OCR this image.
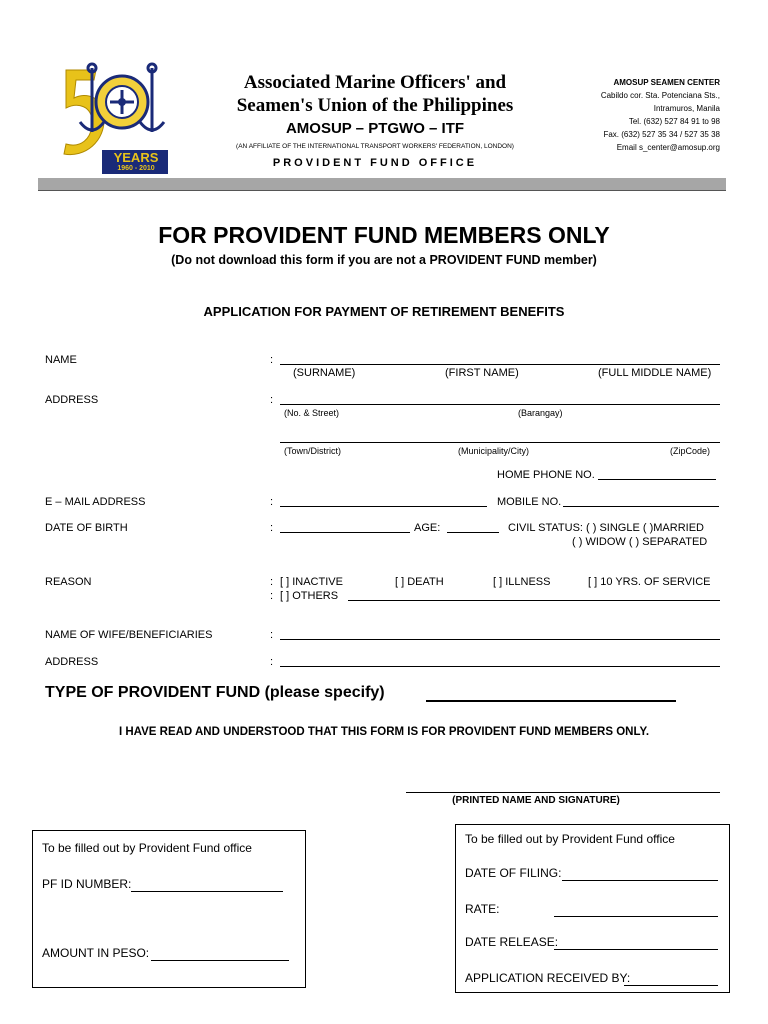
YEARS
1960 - 2010
Associated Marine Officers' and
Seamen's Union of the Philippines
AMOSUP – PTGWO – ITF
(AN AFFILIATE OF THE INTERNATIONAL TRANSPORT WORKERS' FEDERATION, LONDON)
PROVIDENT FUND OFFICE
AMOSUP SEAMEN CENTER
Cabildo cor. Sta. Potenciana Sts.,
Intramuros, Manila
Tel. (632) 527 84 91 to 98
Fax. (632) 527 35 34 / 527 35 38
Email s_center@amosup.org
FOR PROVIDENT FUND MEMBERS ONLY
(Do not download this form if you are not a PROVIDENT FUND member)
APPLICATION FOR PAYMENT OF RETIREMENT BENEFITS
NAME	:
(SURNAME)	(FIRST NAME)	(FULL MIDDLE NAME)
ADDRESS	:
(No. & Street)	(Barangay)
(Town/District)	(Municipality/City)	(ZipCode)
HOME PHONE NO.
E – MAIL ADDRESS	:	MOBILE NO.
DATE OF BIRTH	:	AGE:	CIVIL STATUS: ( ) SINGLE ( )MARRIED
( ) WIDOW ( ) SEPARATED
REASON	: [ ] INACTIVE	[ ] DEATH	[ ] ILLNESS	[ ] 10 YRS. OF SERVICE
: [ ] OTHERS
NAME OF WIFE/BENEFICIARIES	:
ADDRESS	:
TYPE OF PROVIDENT FUND (please specify)
I HAVE READ AND UNDERSTOOD THAT THIS FORM IS FOR PROVIDENT FUND MEMBERS ONLY.
(PRINTED NAME AND SIGNATURE)
To be filled out by Provident Fund office
PF ID NUMBER:
AMOUNT IN PESO:
To be filled out by Provident Fund office
DATE OF FILING:
RATE:
DATE RELEASE:
APPLICATION RECEIVED BY:
